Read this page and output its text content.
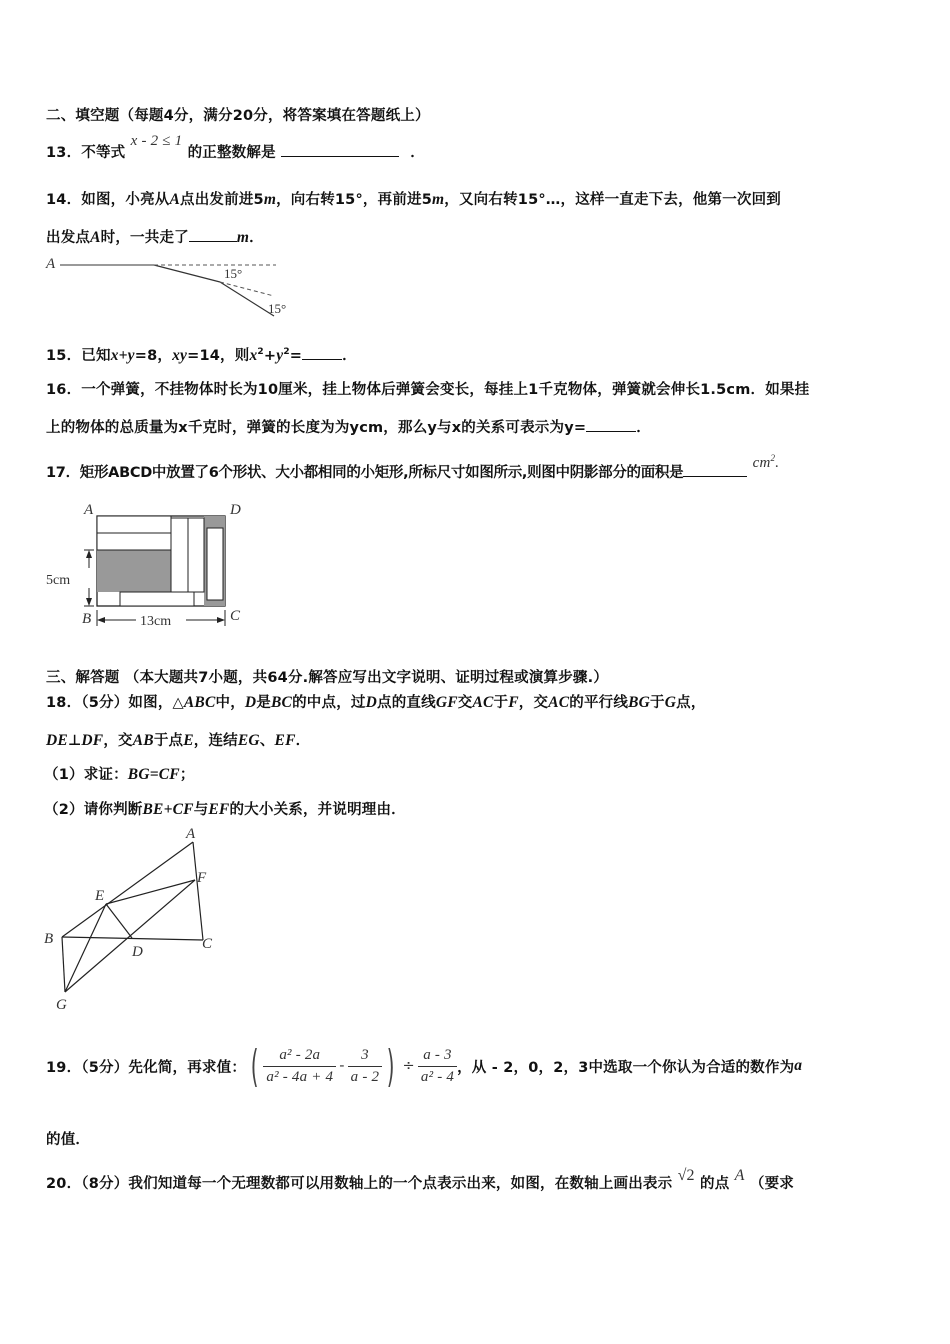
二、填空题（每题4分，满分20分，将答案填在答题纸上）
13．不等式 x - 2 ≤ 1 的正整数解是	．
14．如图，小亮从A点出发前进5m，向右转15°，再前进5m，又向右转15°…，这样一直走下去，他第一次回到
出发点A时，一共走了	m．
A
15°
15°
15．已知x+y=8，xy=14，则$x^2+y^2=$	．
16．一个弹簧，不挂物体时长为10厘米，挂上物体后弹簧会变长，每挂上1千克物体，弹簧就会伸长1.5cm．如果挂
上的物体的总质量为x千克时，弹簧的长度为为ycm，那么y与x的关系可表示为y=	．
17．矩形ABCD中放置了6个形状、大小都相同的小矩形,所标尺寸如图所示,则图中阴影部分的面积是 $cm^2$.
A	D
B	C
5cm
13cm
三、解答题 （本大题共7小题，共64分.解答应写出文字说明、证明过程或演算步骤.）
18．（5分）如图，△ABC中，D是BC的中点，过D点的直线GF交AC于F，交AC的平行线BG于G点，
DE⊥DF，交AB于点E，连结EG、EF．
（1）求证：BG=CF；
（2）请你判断BE+CF与EF的大小关系，并说明理由．
A
B	C
D
E
F
G
19．（5分）先化简，再求值： ( $\frac{\text{a² - 2a}}{\text{a² - 4a + 4}} - \frac{3}{a - 2}$ ) ÷ $\frac{a - 3}{\text{a² - 4}}$ ，从 - 2，0，2，3中选取一个你认为合适的数作为 a
的值．
20．（8分）我们知道每一个无理数都可以用数轴上的一个点表示出来，如图，在数轴上画出表示 √2 的点 A （要求
